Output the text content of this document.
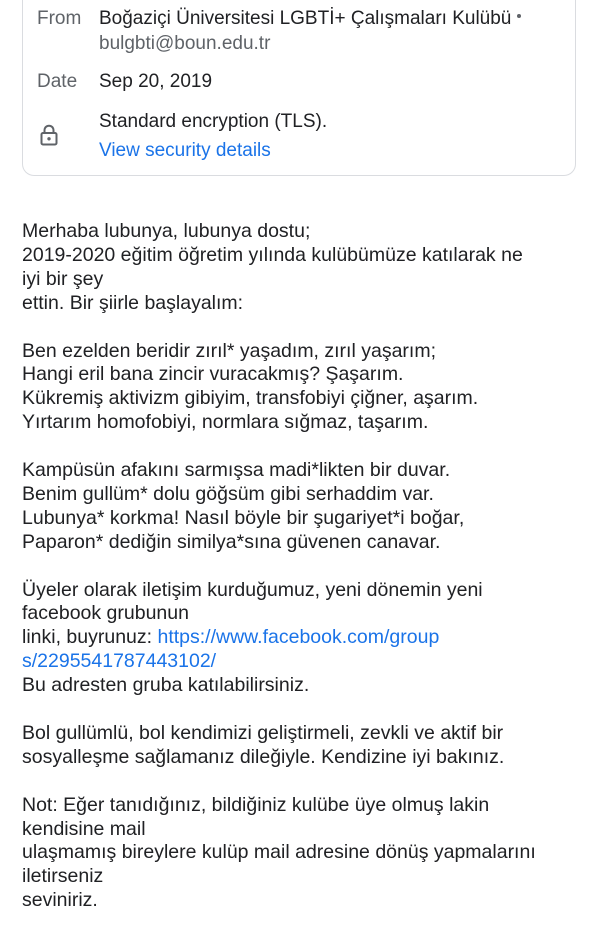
From Boğaziçi Üniversitesi LGBTİ+ Çalışmaları Kulübü
bulgbti@boun.edu.tr
Date Sep 20, 2019
Standard encryption (TLS).
View security details

Merhaba lubunya, lubunya dostu;

2019-2020 eğitim öğretim yılında kulübümüze katılarak ne

iyi bir şey

ettin. Bir şiirle başlayalım:

Ben ezelden beridir zırıl* yaşadım, zırıl yaşarım;

Hangi eril bana zincir vuracakmış? Şaşarım.

Kükremiş aktivizm gibiyim, transfobiyi çiğner, aşarım.

Yırtarım homofobiyi, normlara sığmaz, taşarım.

Kampüsün afakını sarmışsa madi*likten bir duvar.

Benim gullüm* dolu göğsüm gibi serhaddim var.

Lubunya* korkma! Nasıl böyle bir şugariyet*i boğar,

Paparon* dediğin similya*sına güvenen canavar.

Üyeler olarak iletişim kurduğumuz, yeni dönemin yeni

facebook grubunun

linki, buyrunuz: https://www.facebook.com/group

s/2295541787443102/

Bu adresten gruba katılabilirsiniz.

Bol gullümlü, bol kendimizi geliştirmeli, zevkli ve aktif bir

sosyalleşme sağlamanız dileğiyle. Kendizine iyi bakınız.

Not: Eğer tanıdığınız, bildiğiniz kulübe üye olmuş lakin

kendisine mail

ulaşmamış bireylere kulüp mail adresine dönüş yapmalarını

iletirseniz

seviniriz.
